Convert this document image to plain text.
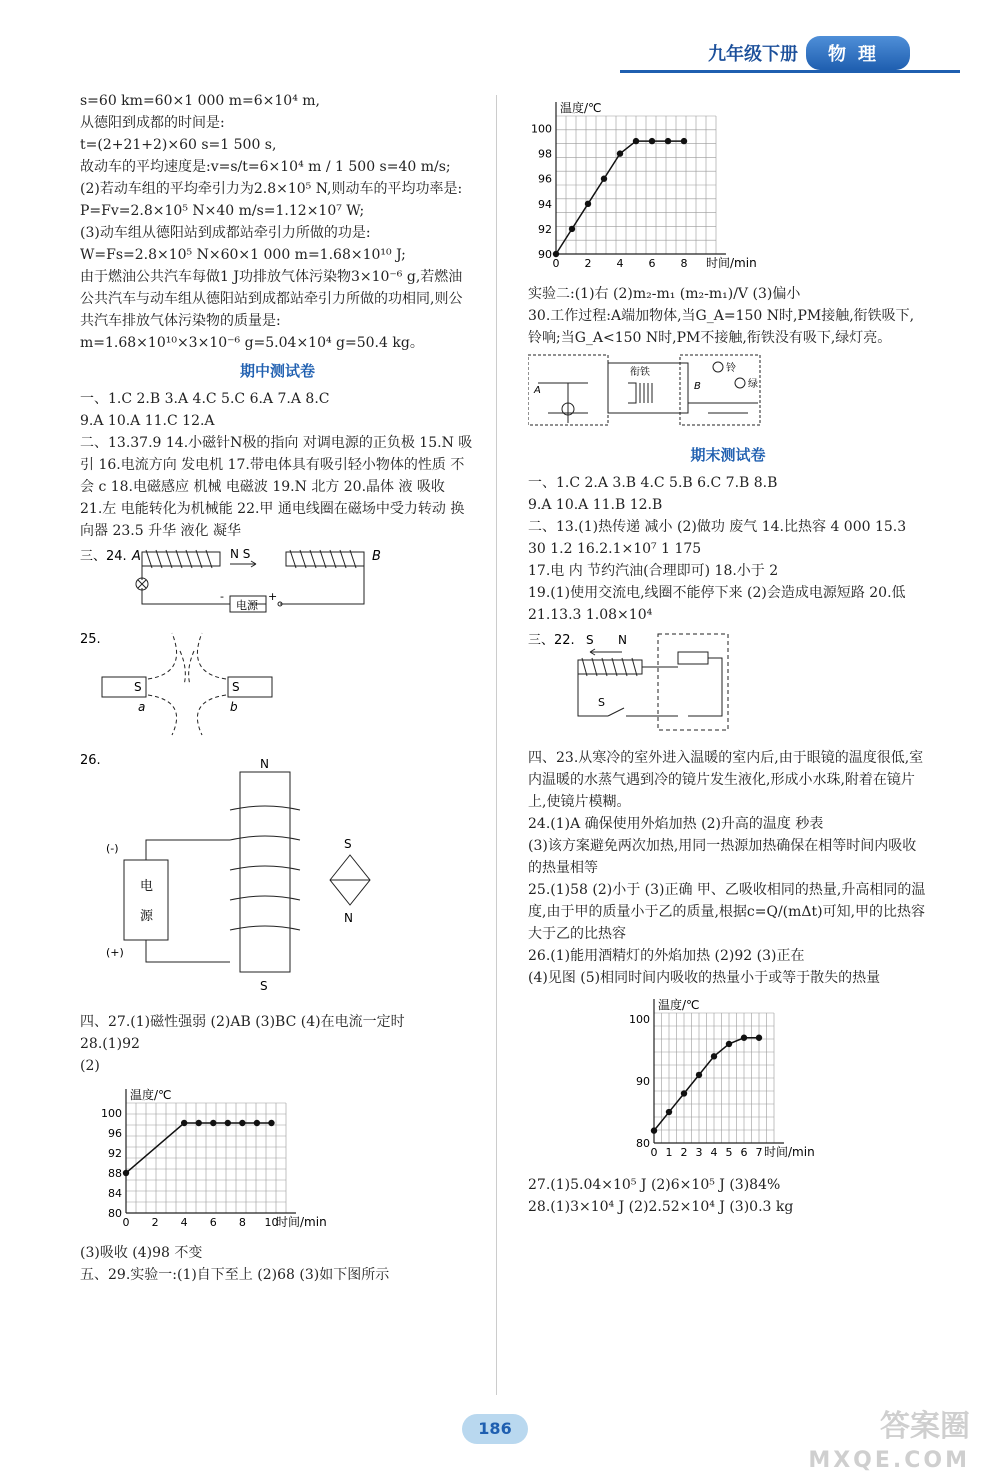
九年级下册	物理

s=60 km=60×1 000 m=6×10⁴ m,

从德阳到成都的时间是:

t=(2+21+2)×60 s=1 500 s,

故动车的平均速度是:v=s/t=6×10⁴ m / 1 500 s=40 m/s;

(2)若动车组的平均牵引力为2.8×10⁵ N,则动车的平均功率是:

P=Fv=2.8×10⁵ N×40 m/s=1.12×10⁷ W;

(3)动车组从德阳站到成都站牵引力所做的功是:

W=Fs=2.8×10⁵ N×60×1 000 m=1.68×10¹⁰ J;

由于燃油公共汽车每做1 J功排放气体污染物3×10⁻⁶ g,若燃油公共汽车与动车组从德阳站到成都站牵引力所做的功相同,则公共汽车排放气体污染物的质量是:

m=1.68×10¹⁰×3×10⁻⁶ g=5.04×10⁴ g=50.4 kg。

期中测试卷

一、1.C 2.B 3.A 4.C 5.C 6.A 7.A 8.C

9.A 10.A 11.C 12.A

二、13.37.9 14.小磁针N极的指向 对调电源的正负极 15.N 吸引 16.电流方向 发电机 17.带电体具有吸引轻小物体的性质 不会 c 18.电磁感应 机械 电磁波 19.N 北方 20.晶体 液 吸收

21.左 电能转化为机械能 22.甲 通电线圈在磁场中受力转动 换向器 23.5 升华 液化 凝华

三、24. A	N S	B
电源
-	+
25.
S
a
S
b
26.	N
S
电
源
(-)
(+)
S
N

四、27.(1)磁性强弱 (2)AB (3)BC (4)在电流一定时

28.(1)92

(2)

80
84
88
92
96
100
0 2 4 6 8 10
温度/℃
时间/min

(3)吸收 (4)98 不变

五、29.实验一:(1)自下至上 (2)68 (3)如下图所示

90
92
94
96
98
100
0 2 4 6 8
温度/℃
时间/min

实验二:(1)右 (2)m₂-m₁ (m₂-m₁)/V (3)偏小

30.工作过程:A端加物体,当G_A=150 N时,PM接触,衔铁吸下,铃响;当G_A<150 N时,PM不接触,衔铁没有吸下,绿灯亮。

A
衔铁	铃
绿
B
期末测试卷

一、1.C 2.A 3.B 4.C 5.B 6.C 7.B 8.B

9.A 10.A 11.B 12.B

二、13.(1)热传递 减小 (2)做功 废气 14.比热容 4 000 15.3 30 1.2 16.2.1×10⁷ 1 175

17.电 内 节约汽油(合理即可) 18.小于 2

19.(1)使用交流电,线圈不能停下来 (2)会造成电源短路 20.低 21.13.3 1.08×10⁴

三、22. S N
S

四、23.从寒冷的室外进入温暖的室内后,由于眼镜的温度很低,室内温暖的水蒸气遇到冷的镜片发生液化,形成小水珠,附着在镜片上,使镜片模糊。

24.(1)A 确保使用外焰加热 (2)升高的温度 秒表

(3)该方案避免两次加热,用同一热源加热确保在相等时间内吸收的热量相等

25.(1)58 (2)小于 (3)正确 甲、乙吸收相同的热量,升高相同的温度,由于甲的质量小于乙的质量,根据c=Q/(mΔt)可知,甲的比热容大于乙的比热容

26.(1)能用酒精灯的外焰加热 (2)92 (3)正在

(4)见图 (5)相同时间内吸收的热量小于或等于散失的热量

80
90
100
0 1 2 3 4 5 6 7
温度/℃
时间/min

27.(1)5.04×10⁵ J (2)6×10⁵ J (3)84%

28.(1)3×10⁴ J (2)2.52×10⁴ J (3)0.3 kg

186	答案圈
MXQE.COM
